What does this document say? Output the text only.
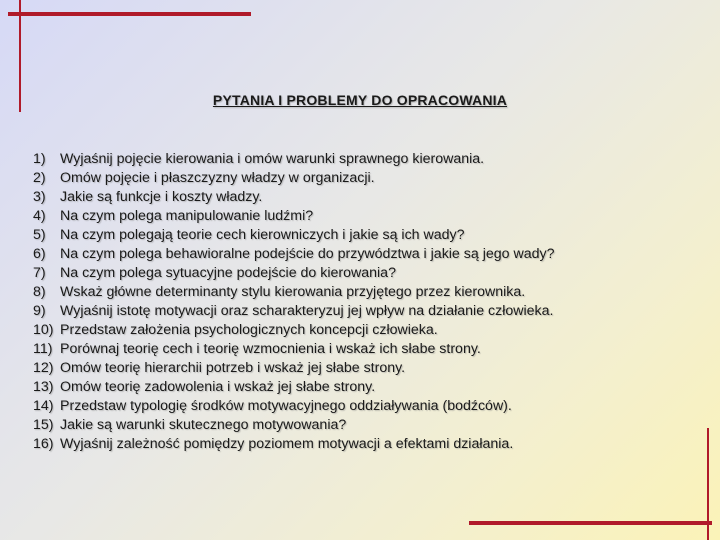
PYTANIA I PROBLEMY DO OPRACOWANIA
1)	Wyjaśnij pojęcie kierowania i omów warunki sprawnego kierowania.
2)	Omów pojęcie i płaszczyzny władzy w organizacji.
3)	Jakie są funkcje i koszty władzy.
4)	Na czym polega manipulowanie ludźmi?
5)	Na czym polegają teorie cech kierowniczych i jakie są ich wady?
6)	Na czym polega behawioralne podejście do przywództwa i jakie są jego wady?
7)	Na czym polega sytuacyjne podejście do kierowania?
8)	Wskaż główne determinanty stylu kierowania przyjętego przez kierownika.
9)	Wyjaśnij istotę motywacji oraz scharakteryzuj jej wpływ na działanie człowieka.
10) Przedstaw założenia psychologicznych koncepcji człowieka.
11) Porównaj teorię cech i teorię wzmocnienia i wskaż ich słabe strony.
12) Omów teorię hierarchii potrzeb i wskaż jej słabe strony.
13) Omów teorię zadowolenia i wskaż jej słabe strony.
14) Przedstaw typologię środków motywacyjnego oddziaływania (bodźców).
15) Jakie są warunki skutecznego motywowania?
16) Wyjaśnij zależność pomiędzy poziomem motywacji a efektami działania.
